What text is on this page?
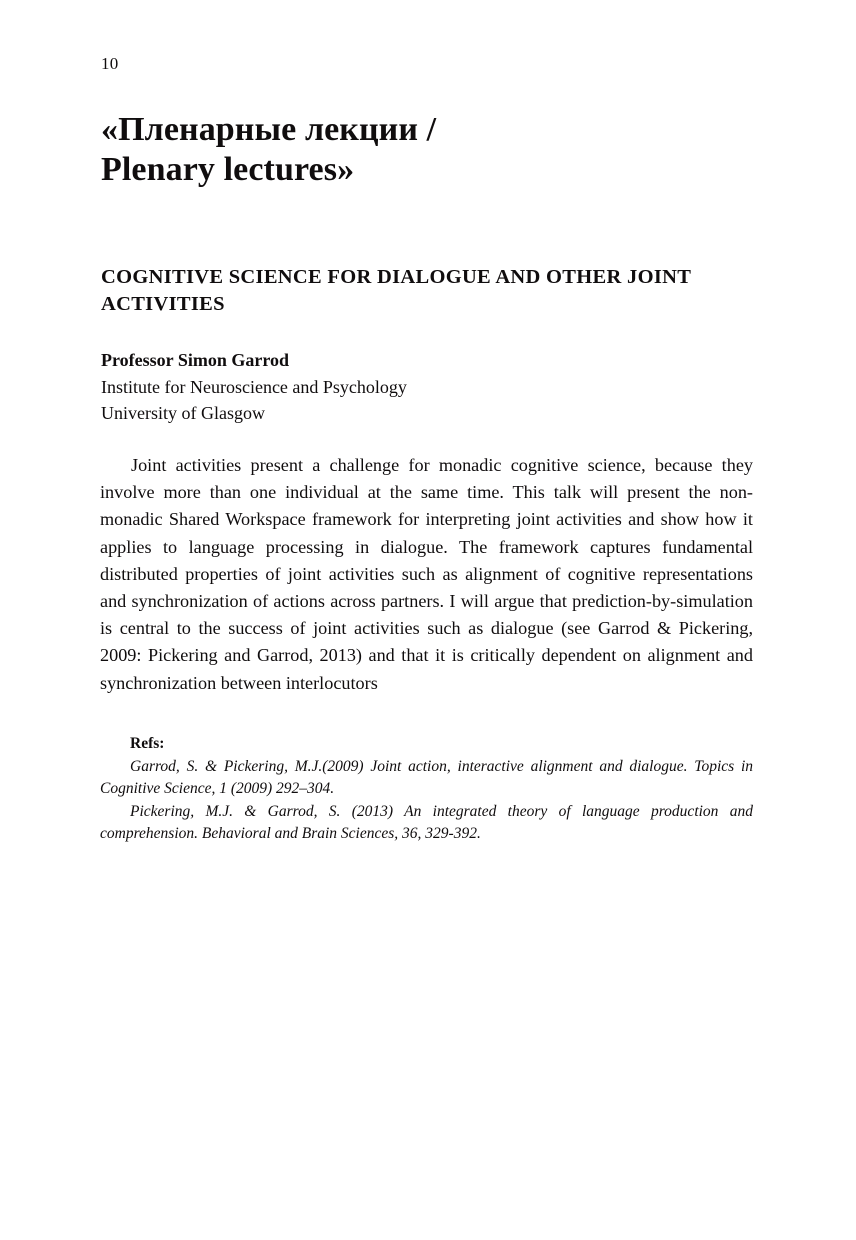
10
«Пленарные лекции /
Plenary lectures»
COGNITIVE SCIENCE FOR DIALOGUE AND OTHER JOINT ACTIVITIES
Professor Simon Garrod
Institute for Neuroscience and Psychology
University of Glasgow
Joint activities present a challenge for monadic cognitive science, because they involve more than one individual at the same time. This talk will present the non-monadic Shared Workspace framework for interpreting joint activities and show how it applies to language processing in dialogue. The framework captures fundamental distributed properties of joint activities such as alignment of cognitive representations and synchronization of actions across partners. I will argue that prediction-by-simulation is central to the success of joint activities such as dialogue (see Garrod & Pickering, 2009: Pickering and Garrod, 2013) and that it is critically dependent on alignment and synchronization between interlocutors
Refs:
Garrod, S. & Pickering, M.J.(2009) Joint action, interactive alignment and dialogue. Topics in Cognitive Science, 1 (2009) 292–304.
Pickering, M.J. & Garrod, S. (2013) An integrated theory of language production and comprehension. Behavioral and Brain Sciences, 36, 329-392.
